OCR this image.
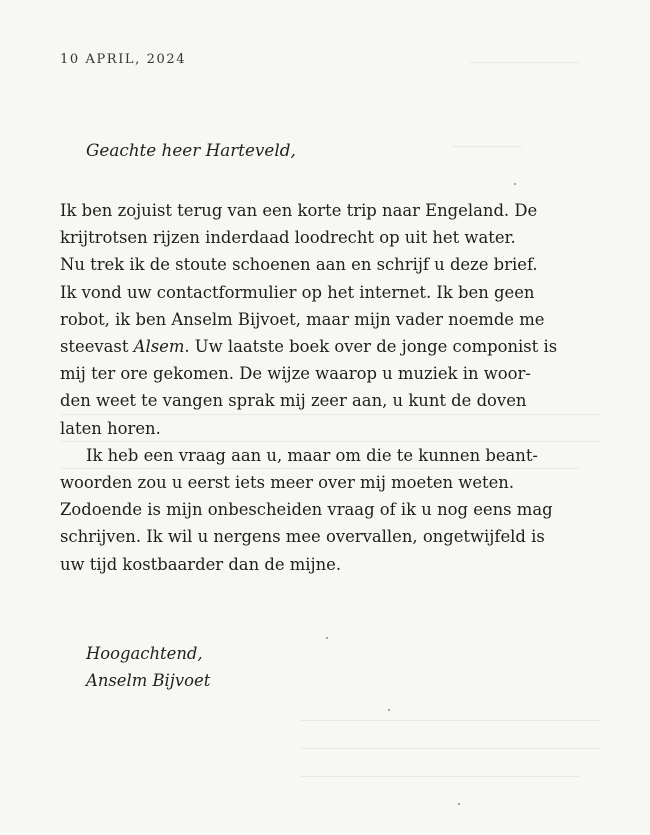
10 APRIL, 2024
Geachte heer Harteveld,
Ik ben zojuist terug van een korte trip naar Engeland. De
krijtrotsen rijzen inderdaad loodrecht op uit het water.
Nu trek ik de stoute schoenen aan en schrijf u deze brief.
Ik vond uw contactformulier op het internet. Ik ben geen
robot, ik ben Anselm Bijvoet, maar mijn vader noemde me
steevast Alsem. Uw laatste boek over de jonge componist is
mij ter ore gekomen. De wijze waarop u muziek in woor-
den weet te vangen sprak mij zeer aan, u kunt de doven
laten horen.
Ik heb een vraag aan u, maar om die te kunnen beant-
woorden zou u eerst iets meer over mij moeten weten.
Zodoende is mijn onbescheiden vraag of ik u nog eens mag
schrijven. Ik wil u nergens mee overvallen, ongetwijfeld is
uw tijd kostbaarder dan de mijne.
Hoogachtend,
Anselm Bijvoet
